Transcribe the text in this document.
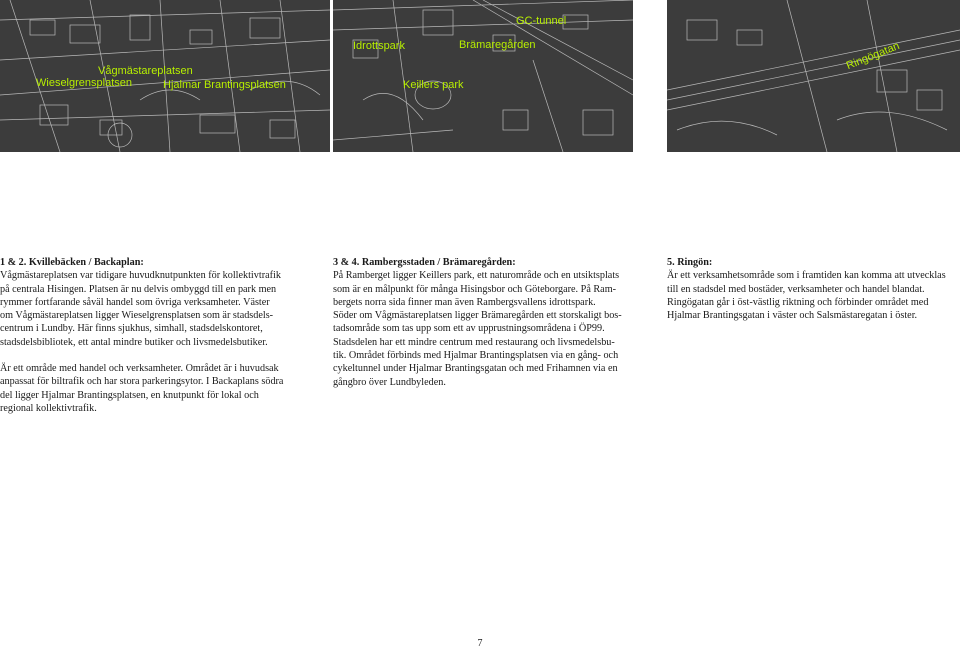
Vågmästareplatsen
Wieselgrensplatsen	Hjalmar Brantingsplatsen
GC-tunnel
Idrottspark	Brämaregården
Keillers park
Ringögatan

1 & 2. Kvillebäcken / Backaplan:

Vågmästareplatsen var tidigare huvudknutpunkten för kollektivtrafik
på centrala Hisingen. Platsen är nu delvis ombyggd till en park men
rymmer fortfarande såväl handel som övriga verksamheter. Väster
om Vågmästareplatsen ligger Wieselgrensplatsen som är stadsdels-
centrum i Lundby. Här finns sjukhus, simhall, stadsdelskontoret,
stadsdelsbibliotek, ett antal mindre butiker och livsmedelsbutiker.

Är ett område med handel och verksamheter. Området är i huvudsak
anpassat för biltrafik och har stora parkeringsytor. I Backaplans södra
del ligger Hjalmar Brantingsplatsen, en knutpunkt för lokal och
regional kollektivtrafik.

3 & 4. Rambergsstaden / Brämaregården:

På Ramberget ligger Keillers park, ett naturområde och en utsiktsplats
som är en målpunkt för många Hisingsbor och Göteborgare. På Ram-
bergets norra sida finner man även Rambergsvallens idrottspark.
Söder om Vågmästareplatsen ligger Brämaregården ett storskaligt bos-
tadsområde som tas upp som ett av upprustningsområdena i ÖP99.
Stadsdelen har ett mindre centrum med restaurang och livsmedelsbu-
tik. Området förbinds med Hjalmar Brantingsplatsen via en gång- och
cykeltunnel under Hjalmar Brantingsgatan och med Frihamnen via en
gångbro över Lundbyleden.

5. Ringön:

Är ett verksamhetsområde som i framtiden kan komma att utvecklas
till en stadsdel med bostäder, verksamheter och handel blandat.
Ringögatan går i öst-västlig riktning och förbinder området med
Hjalmar Brantingsgatan i väster och Salsmästaregatan i öster.

7
